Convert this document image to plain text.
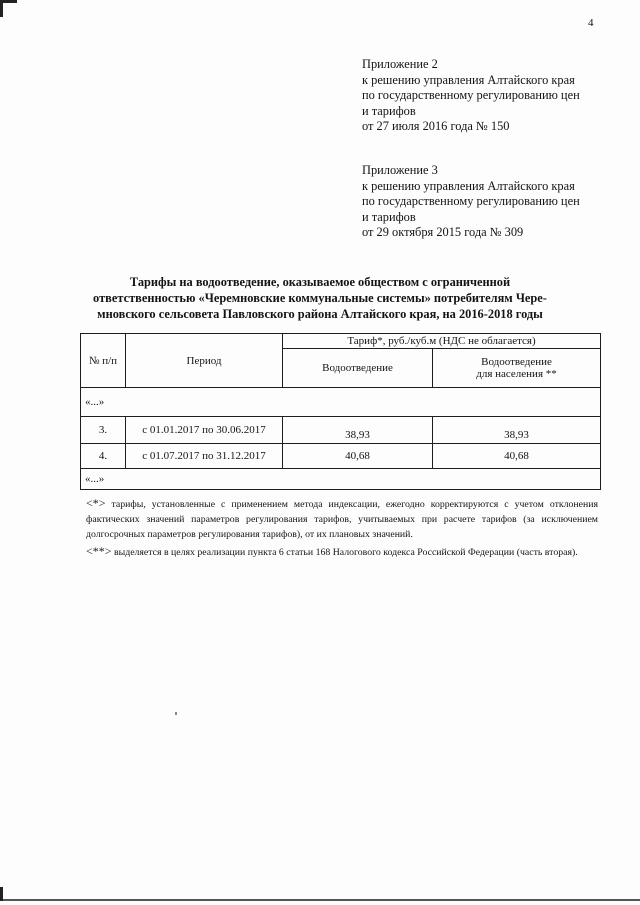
4
Приложение 2
к решению управления Алтайского края
по государственному регулированию цен
и тарифов
от 27 июля 2016 года № 150
Приложение 3
к решению управления Алтайского края
по государственному регулированию цен
и тарифов
от 29 октября 2015 года № 309
Тарифы на водоотведение, оказываемое обществом с ограниченной
ответственностью «Черемновские коммунальные системы» потребителям Чере-
мновского сельсовета Павловского района Алтайского края, на 2016-2018 годы
№ п/п	Период	Тариф*, руб./куб.м (НДС не облагается)	
		Водоотведение	Водоотведение
для населения **

«...»			
3.	с 01.01.2017 по 30.06.2017	38,93	38,93
4.	с 01.07.2017 по 31.12.2017	40,68	40,68
«...»			

<*> тарифы, установленные с применением метода индексации, ежегодно корректируются с учетом отклонения фактических значений параметров регулирования тарифов, учитываемых при расчете тарифов (за исключением долгосрочных параметров регулирования тарифов), от их плановых значений.

<**> выделяется в целях реализации пункта 6 статьи 168 Налогового кодекса Российской Федерации (часть вторая).
